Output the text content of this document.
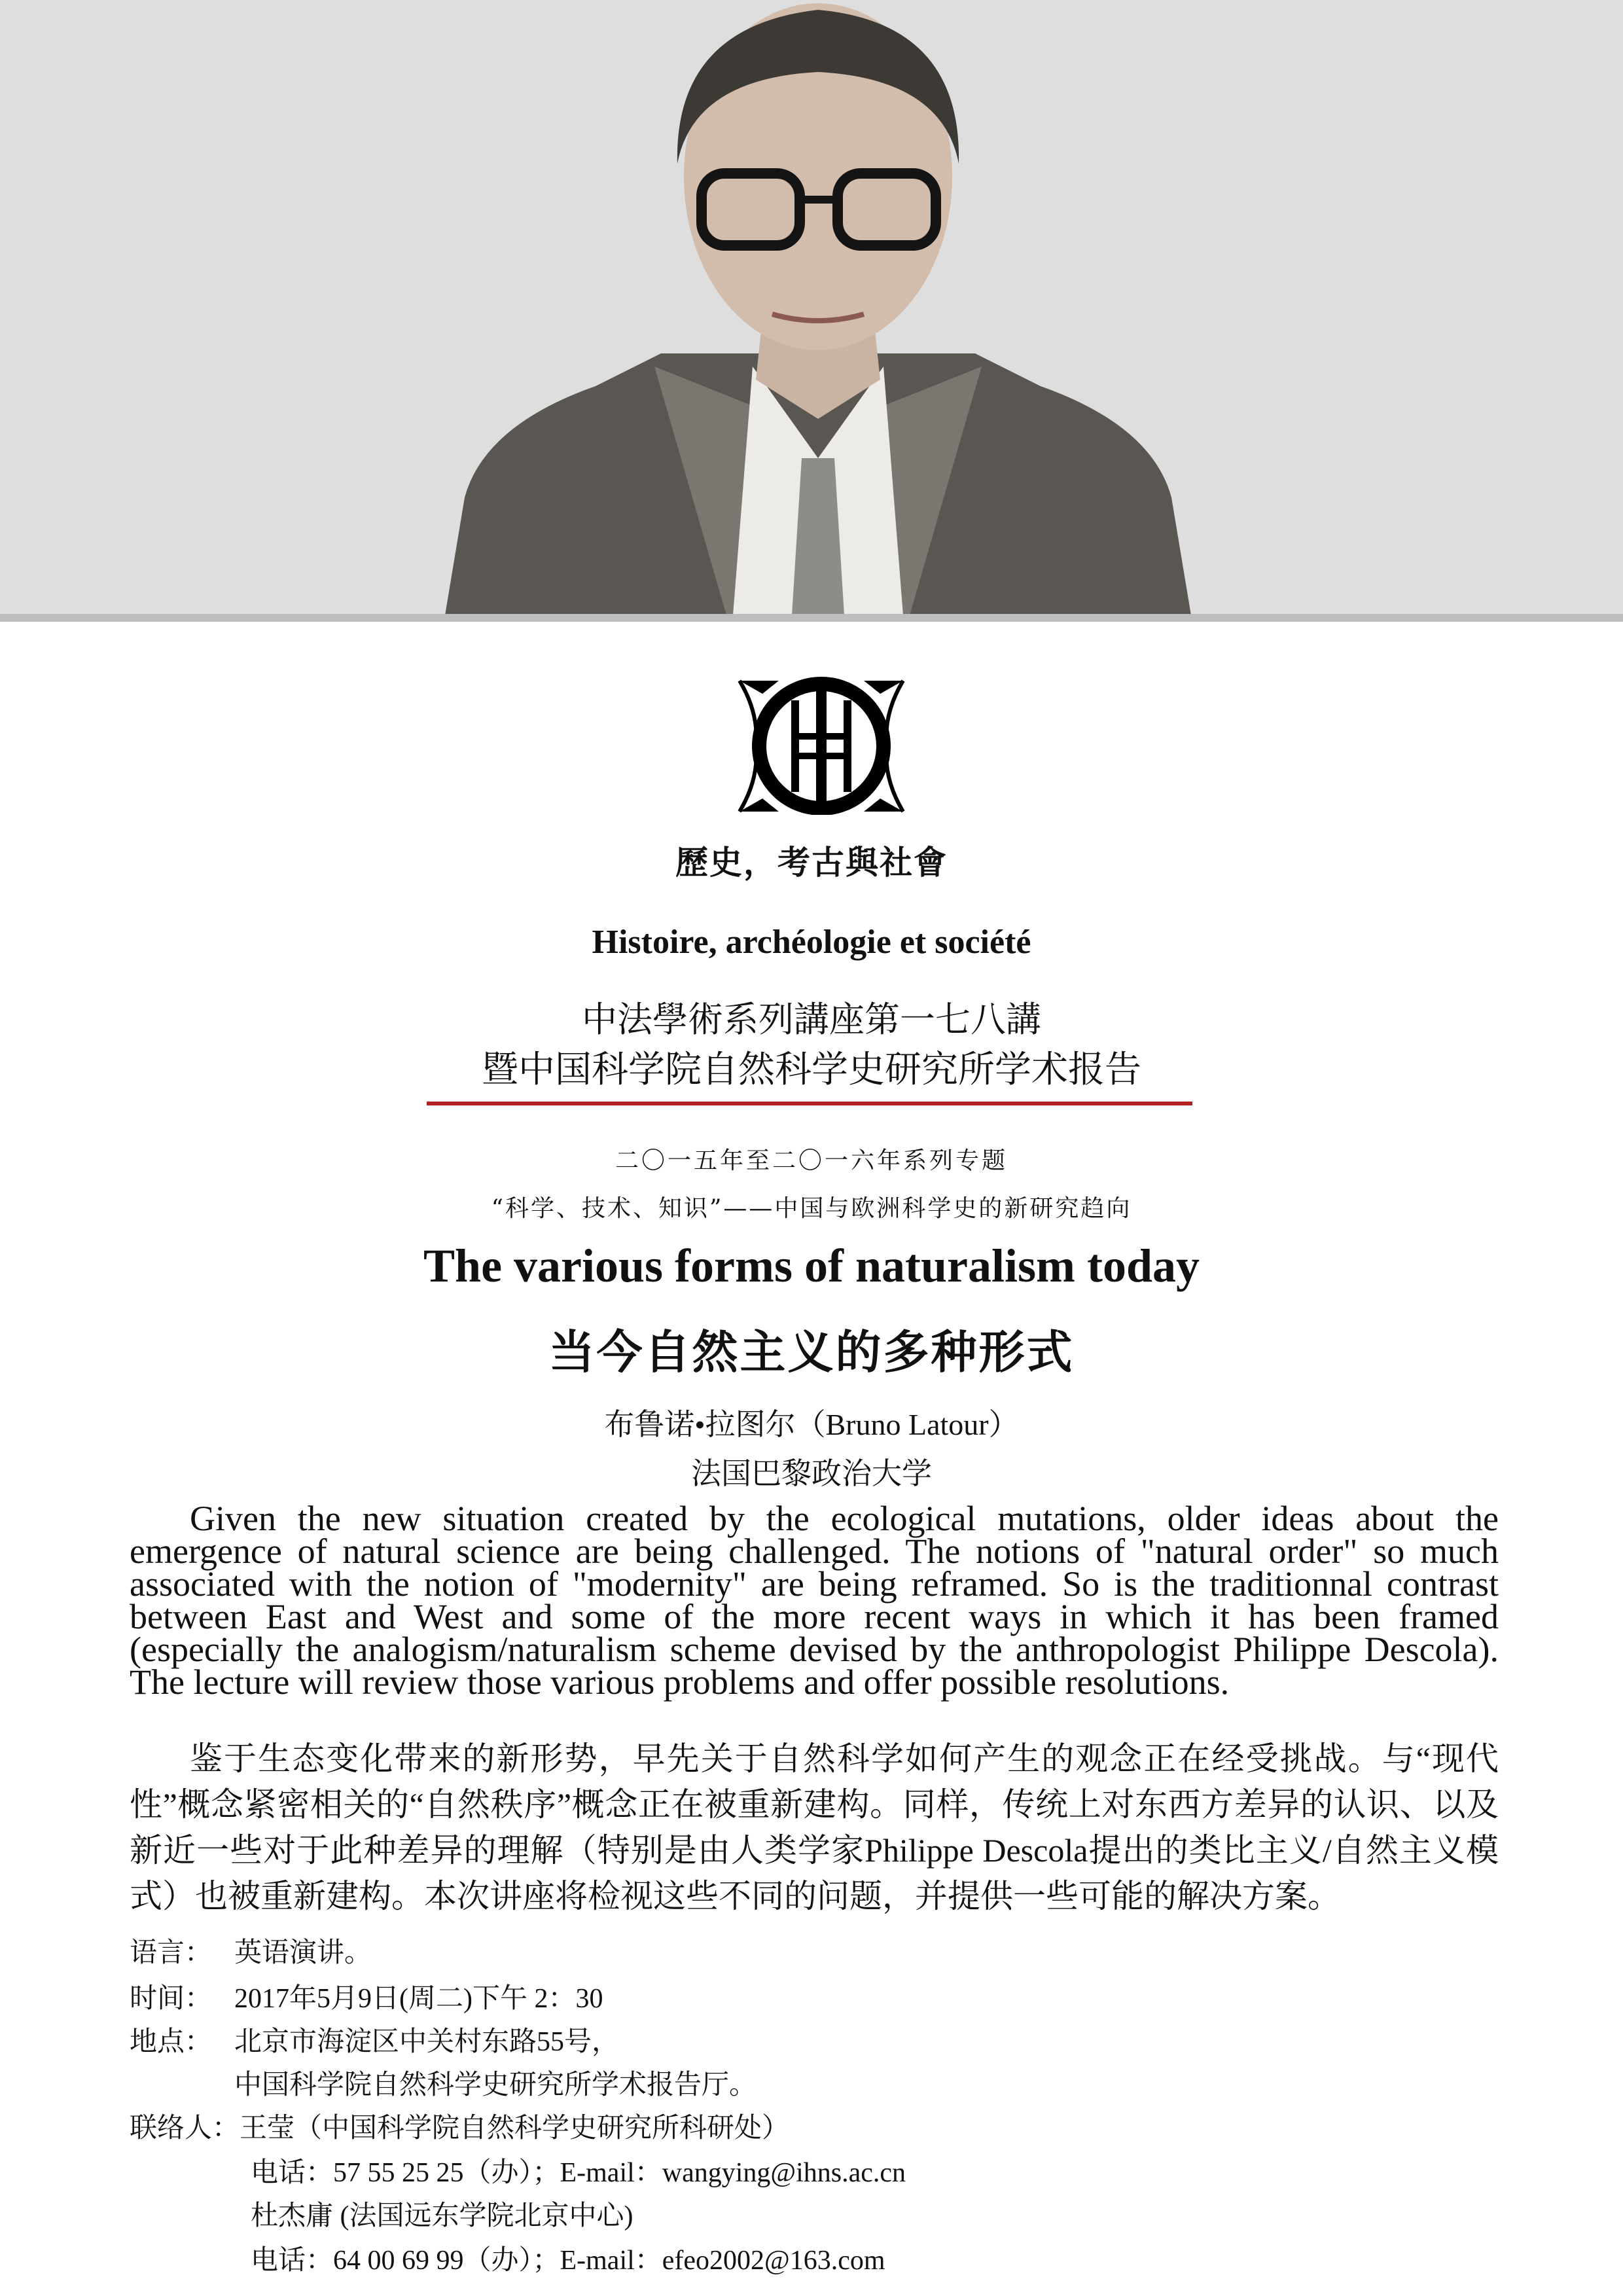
歷史，考古與社會

Histoire, archéologie et société

中法學術系列講座第一七八講

暨中国科学院自然科学史研究所学术报告

二〇一五年至二〇一六年系列专题

“科学、技术、知识”——中国与欧洲科学史的新研究趋向

The various forms of naturalism today
当今自然主义的多种形式

布鲁诺•拉图尔（Bruno Latour）

法国巴黎政治大学

Given the new situation created by the ecological mutations, older ideas about the emergence of natural science are being challenged. The notions of "natural order" so much associated with the notion of "modernity" are being reframed. So is the traditionnal contrast between East and West and some of the more recent ways in which it has been framed (especially the analogism/naturalism scheme devised by the anthropologist Philippe Descola). The lecture will review those various problems and offer possible resolutions.

鉴于生态变化带来的新形势，早先关于自然科学如何产生的观念正在经受挑战。与“现代性”概念紧密相关的“自然秩序”概念正在被重新建构。同样，传统上对东西方差异的认识、以及新近一些对于此种差异的理解（特别是由人类学家Philippe Descola提出的类比主义/自然主义模式）也被重新建构。本次讲座将检视这些不同的问题，并提供一些可能的解决方案。

语言： 英语演讲。

时间： 2017年5月9日(周二)下午 2：30

地点： 北京市海淀区中关村东路55号，

中国科学院自然科学史研究所学术报告厅。

联络人：王莹（中国科学院自然科学史研究所科研处）

电话：57 55 25 25（办）；E-mail：wangying@ihns.ac.cn

杜杰庸 (法国远东学院北京中心)

电话：64 00 69 99（办）；E-mail：efeo2002@163.com
